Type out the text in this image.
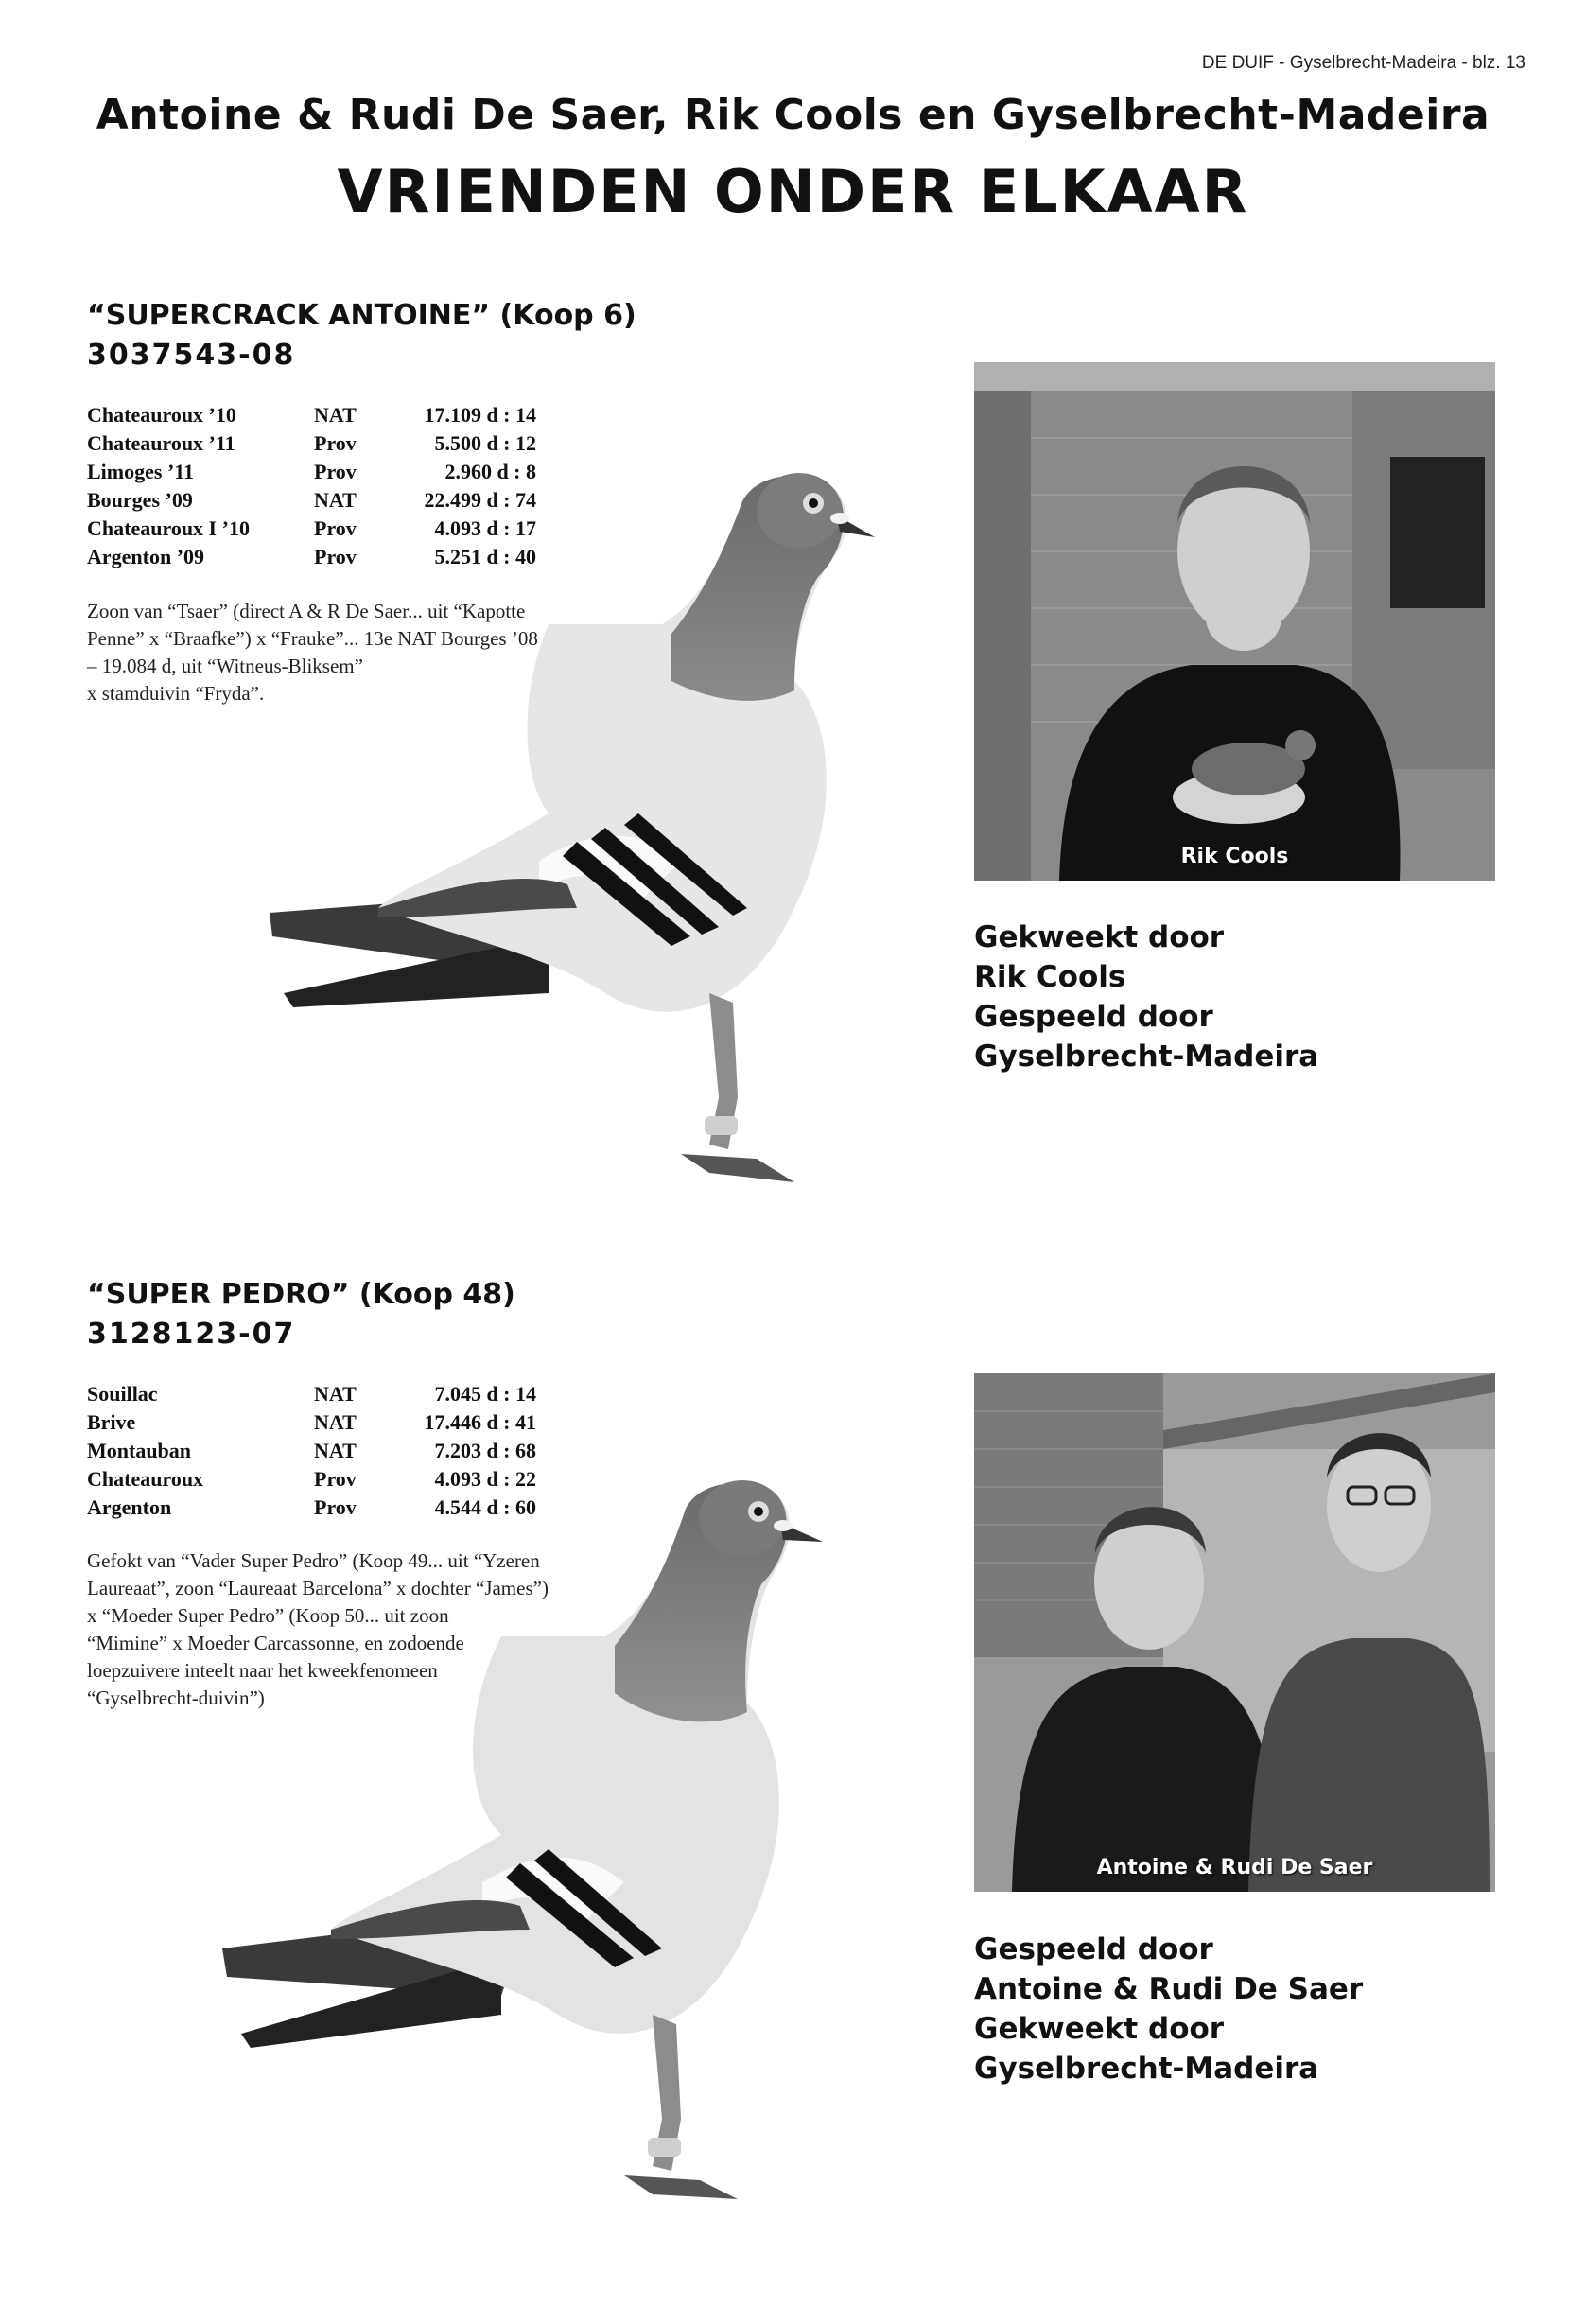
DE DUIF - Gyselbrecht-Madeira - blz. 13
Antoine & Rudi De Saer, Rik Cools en Gyselbrecht-Madeira
VRIENDEN ONDER ELKAAR
“SUPERCRACK ANTOINE” (Koop 6)
3037543-08
Chateauroux ’10	NAT	17.109 d : 14
Chateauroux ’11	Prov	5.500 d : 12
Limoges ’11	Prov	2.960 d : 8
Bourges ’09	NAT	22.499 d : 74
Chateauroux I ’10	Prov	4.093 d : 17
Argenton ’09	Prov	5.251 d : 40
Zoon van “Tsaer” (direct A & R De Saer... uit “Kapotte
Penne” x “Braafke”) x “Frauke”... 13e NAT Bourges ’08
– 19.084 d, uit “Witneus-Bliksem”
x stamduivin “Fryda”.
Rik Cools
Gekweekt door
Rik Cools
Gespeeld door
Gyselbrecht-Madeira
“SUPER PEDRO” (Koop 48)
3128123-07
Souillac	NAT	7.045 d : 14
Brive	NAT	17.446 d : 41
Montauban	NAT	7.203 d : 68
Chateauroux	Prov	4.093 d : 22
Argenton	Prov	4.544 d : 60
Gefokt van “Vader Super Pedro” (Koop 49... uit “Yzeren
Laureaat”, zoon “Laureaat Barcelona” x dochter “James”)
x “Moeder Super Pedro” (Koop 50... uit zoon
“Mimine” x Moeder Carcassonne, en zodoende
loepzuivere inteelt naar het kweekfenomeen
“Gyselbrecht-duivin”)
Antoine & Rudi De Saer
Gespeeld door
Antoine & Rudi De Saer
Gekweekt door
Gyselbrecht-Madeira
